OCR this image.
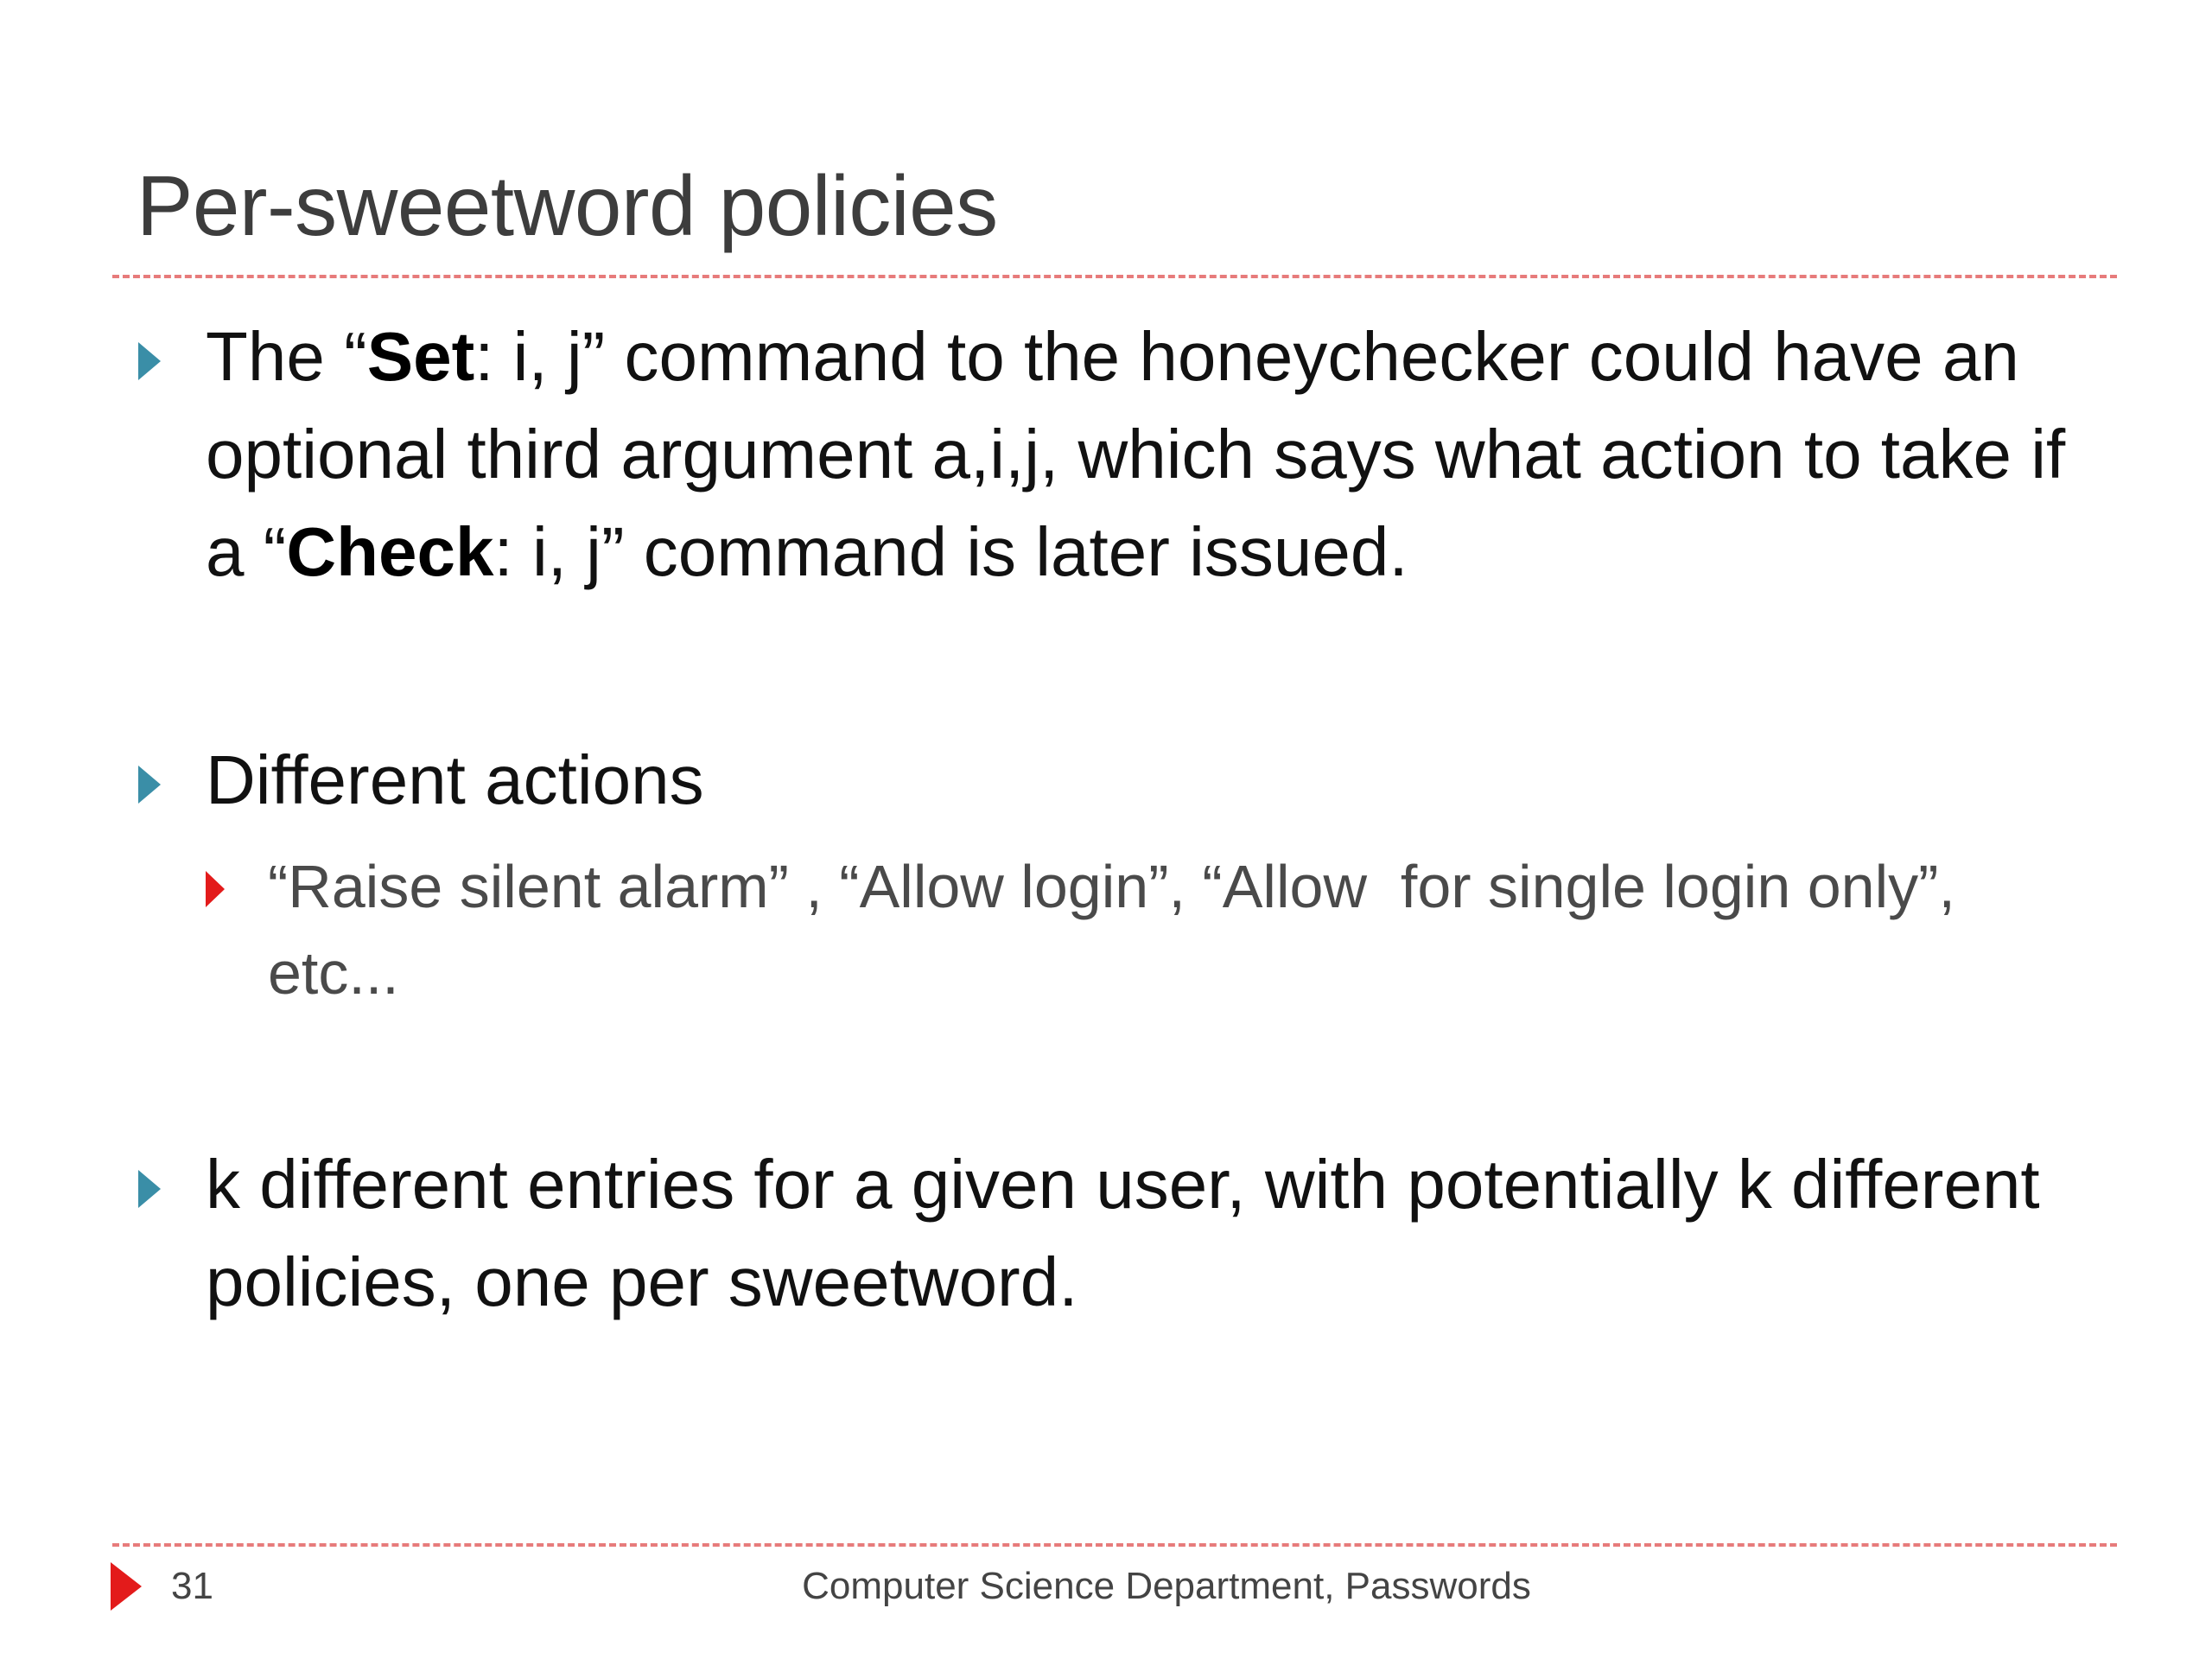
Per-sweetword policies
The “Set: i, j” command to the honeychecker could have an optional third argument a,i,j, which says what action to take if a “Check: i, j” command is later issued.
Different actions
“Raise silent alarm” , “Allow login”, “Allow  for single login only”, etc...
k different entries for a given user, with potentially k different policies, one per sweetword.
31	Computer Science Department, Passwords
